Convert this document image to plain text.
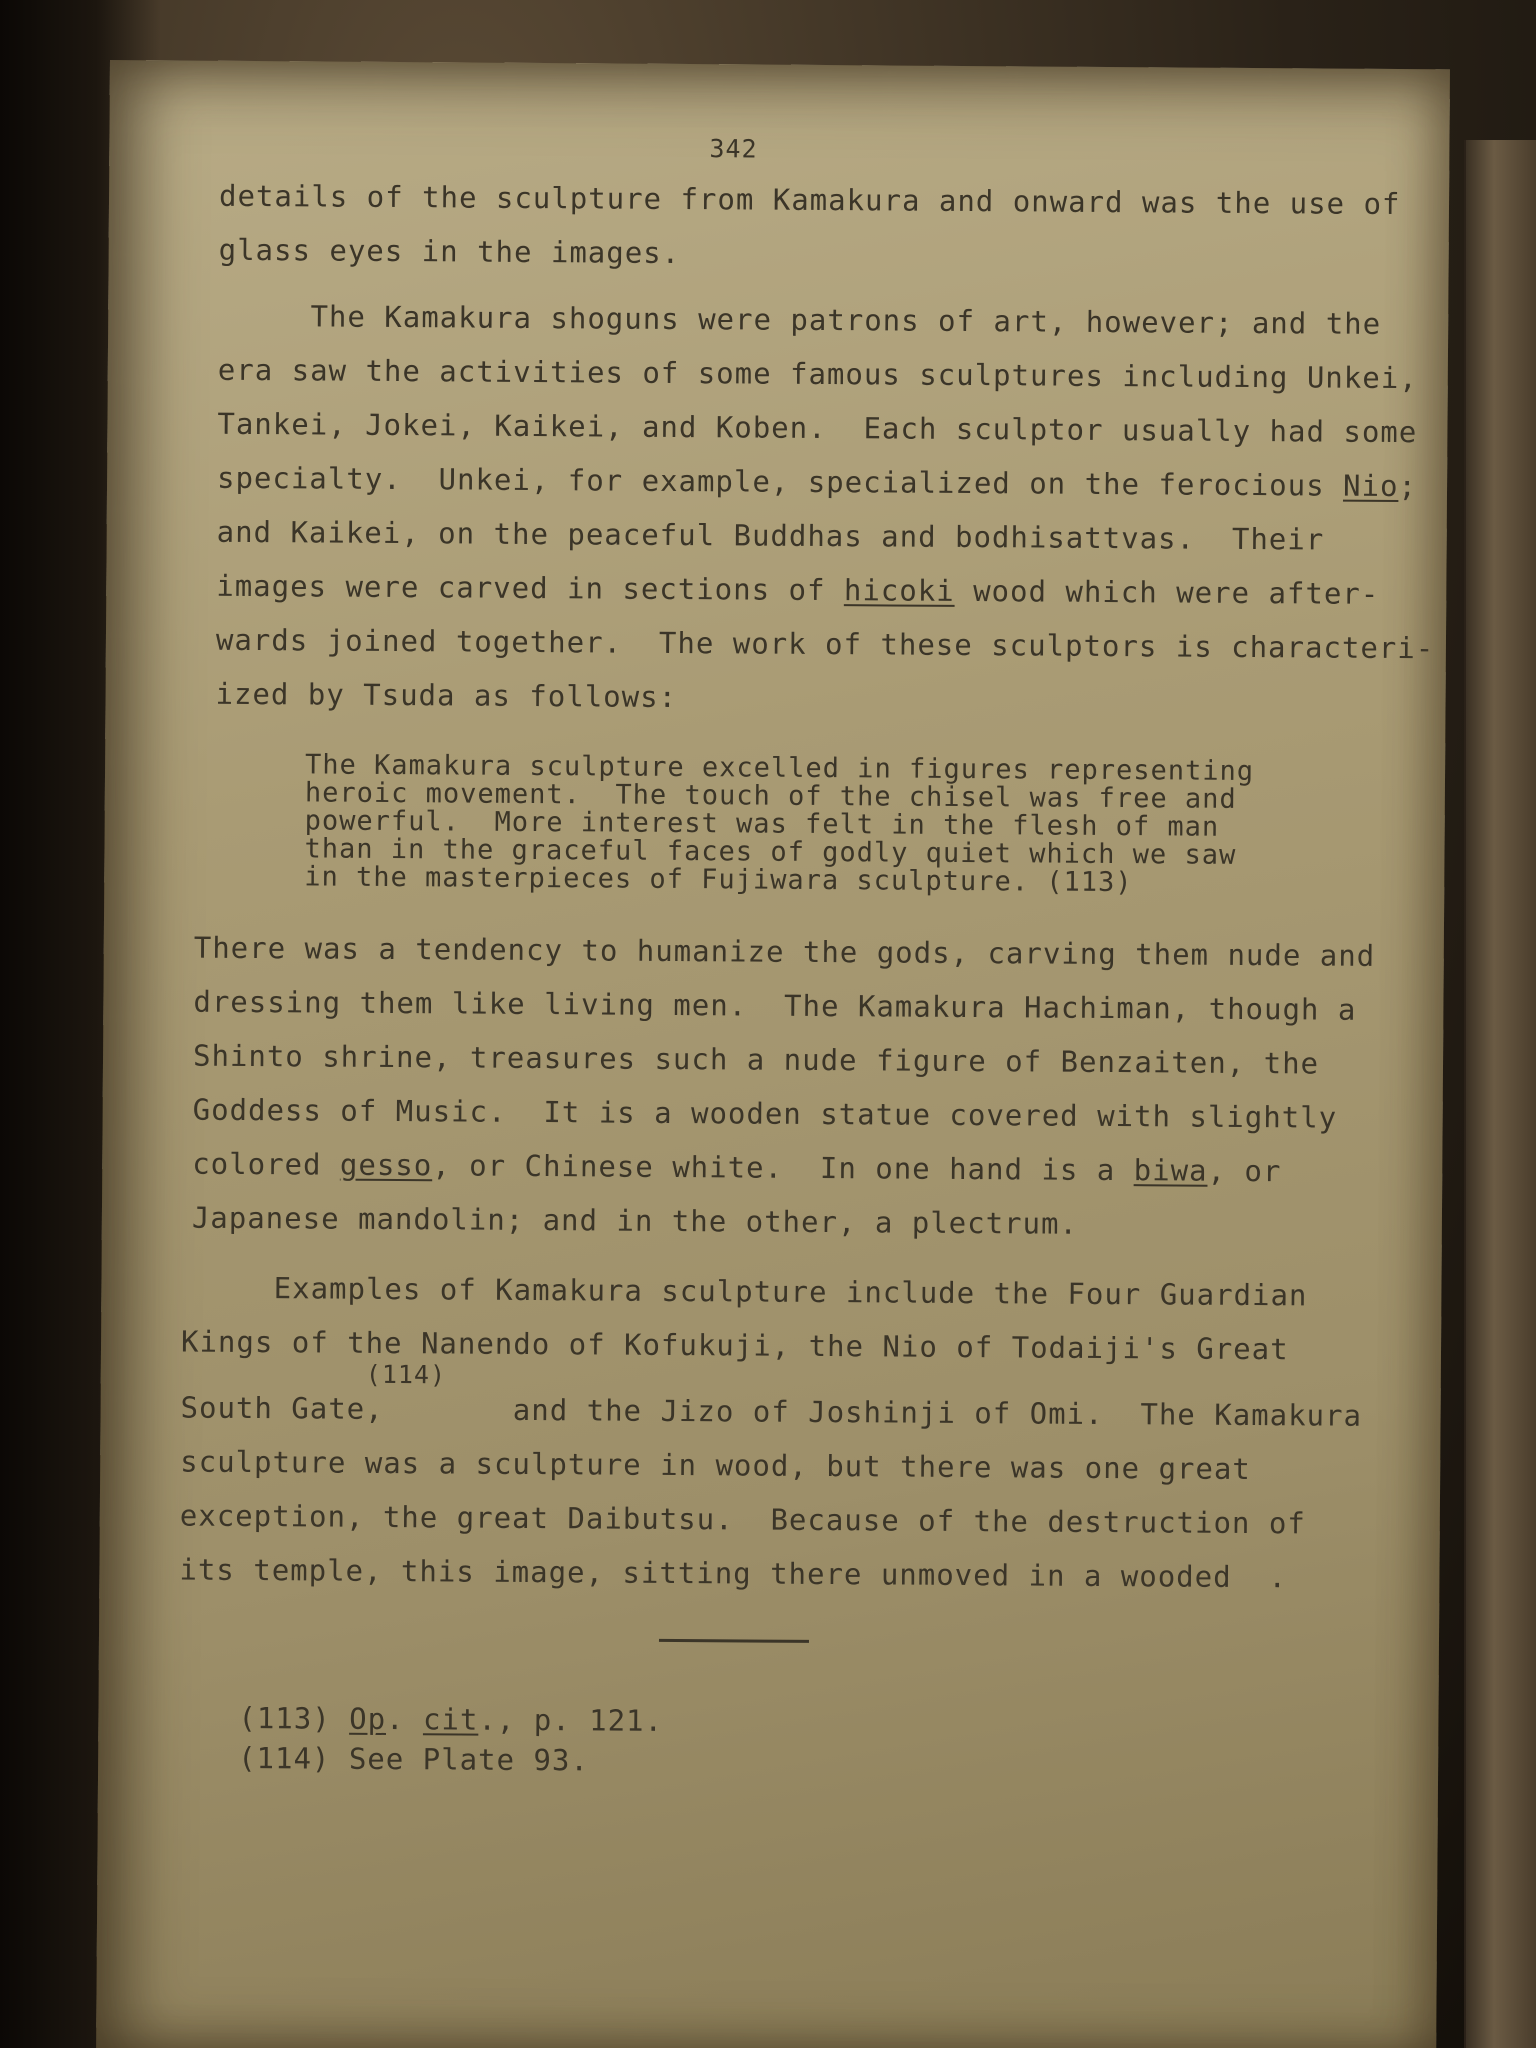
342
details of the sculpture from Kamakura and onward was the use of
glass eyes in the images.
The Kamakura shoguns were patrons of art, however; and the
era saw the activities of some famous sculptures including Unkei,
Tankei, Jokei, Kaikei, and Koben.  Each sculptor usually had some
specialty.  Unkei, for example, specialized on the ferocious Nio;
and Kaikei, on the peaceful Buddhas and bodhisattvas.  Their
images were carved in sections of hicoki wood which were after-
wards joined together.  The work of these sculptors is characteri-
ized by Tsuda as follows:
The Kamakura sculpture excelled in figures representing
heroic movement.  The touch of the chisel was free and
powerful.  More interest was felt in the flesh of man
than in the graceful faces of godly quiet which we saw
in the masterpieces of Fujiwara sculpture. (113)
There was a tendency to humanize the gods, carving them nude and
dressing them like living men.  The Kamakura Hachiman, though a
Shinto shrine, treasures such a nude figure of Benzaiten, the
Goddess of Music.  It is a wooden statue covered with slightly
colored gesso, or Chinese white.  In one hand is a biwa, or
Japanese mandolin; and in the other, a plectrum.
Examples of Kamakura sculpture include the Four Guardian
Kings of the Nanendo of Kofukuji, the Nio of Todaiji's Great
(114)
South Gate,       and the Jizo of Joshinji of Omi.  The Kamakura
sculpture was a sculpture in wood, but there was one great
exception, the great Daibutsu.  Because of the destruction of
its temple, this image, sitting there unmoved in a wooded  .
(113) Op. cit., p. 121.
(114) See Plate 93.
